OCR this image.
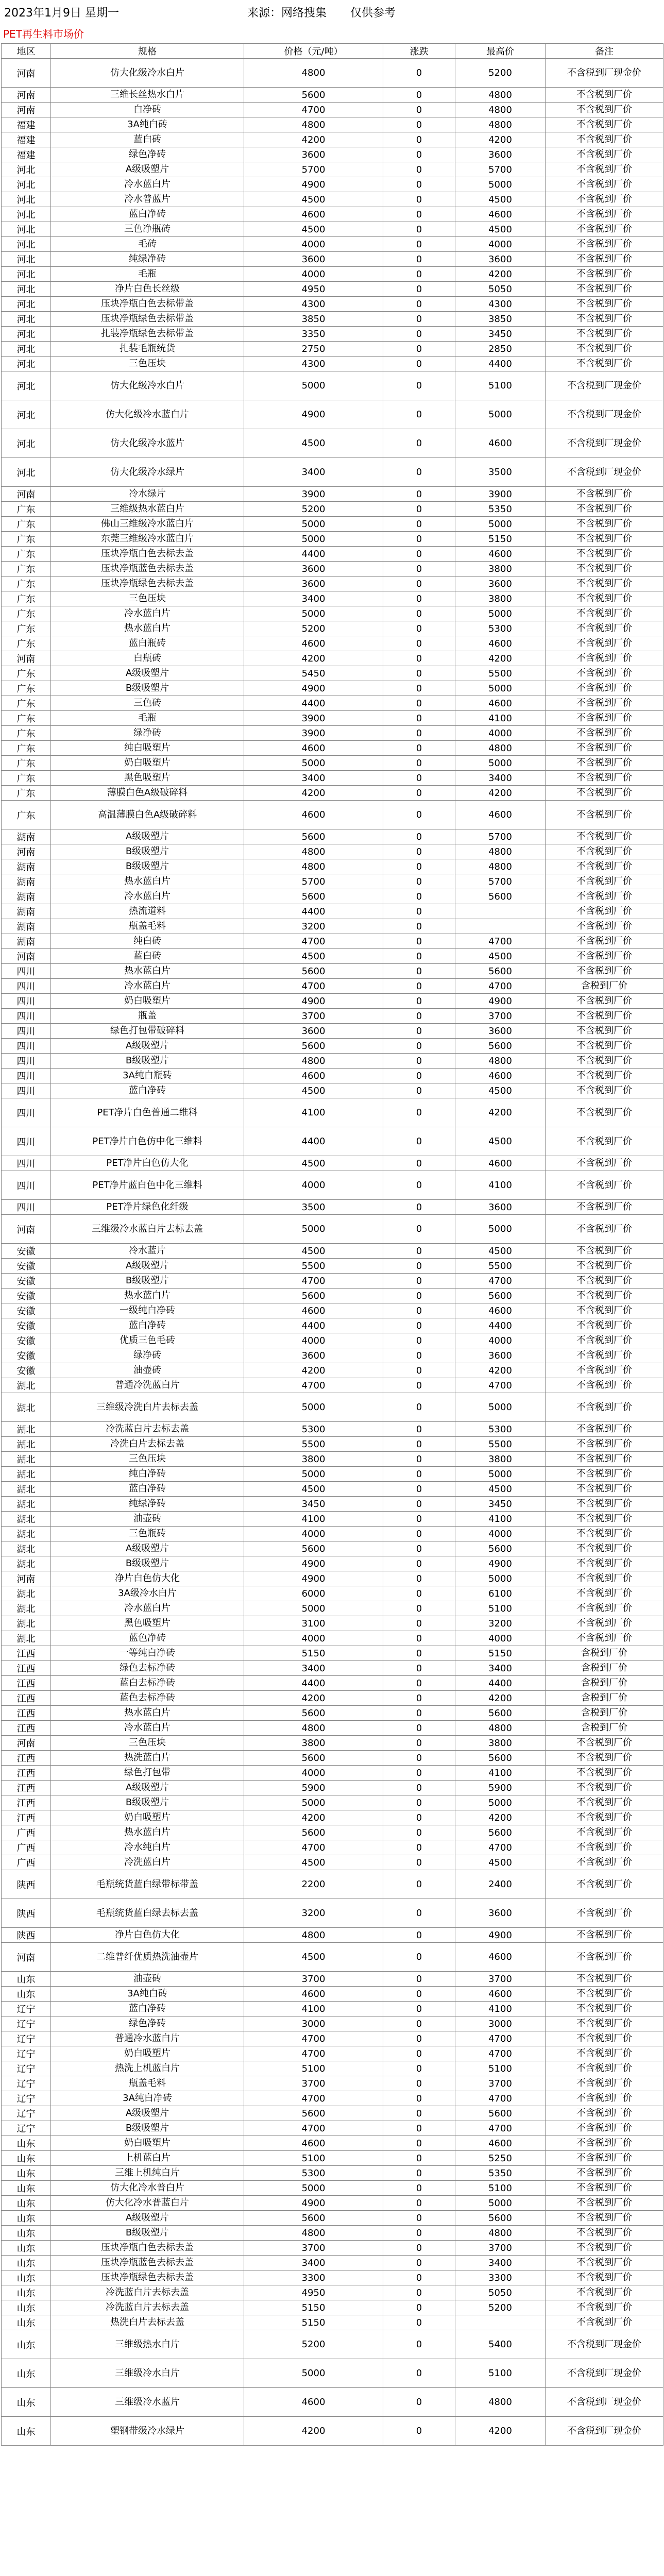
2023年1月9日 星期一	来源：网络搜集 仅供参考
PET再生料市场价
地区	规格	价格（元/吨）	涨跌	最高价	备注
河南	仿大化级冷水白片	4800	0	5200	不含税到厂现金价
河南	三维长丝热水白片	5600	0	4800	不含税到厂价
河南	白净砖	4700	0	4800	不含税到厂价
福建	3A纯白砖	4800	0	4800	不含税到厂价
福建	蓝白砖	4200	0	4200	不含税到厂价
福建	绿色净砖	3600	0	3600	不含税到厂价
河北	A级吸塑片	5700	0	5700	不含税到厂价
河北	冷水蓝白片	4900	0	5000	不含税到厂价
河北	冷水普蓝片	4500	0	4500	不含税到厂价
河北	蓝白净砖	4600	0	4600	不含税到厂价
河北	三色净瓶砖	4500	0	4500	不含税到厂价
河北	毛砖	4000	0	4000	不含税到厂价
河北	纯绿净砖	3600	0	3600	不含税到厂价
河北	毛瓶	4000	0	4200	不含税到厂价
河北	净片白色长丝级	4950	0	5050	不含税到厂价
河北	压块净瓶白色去标带盖	4300	0	4300	不含税到厂价
河北	压块净瓶绿色去标带盖	3850	0	3850	不含税到厂价
河北	扎装净瓶绿色去标带盖	3350	0	3450	不含税到厂价
河北	扎装毛瓶统货	2750	0	2850	不含税到厂价
河北	三色压块	4300	0	4400	不含税到厂价
河北	仿大化级冷水白片	5000	0	5100	不含税到厂现金价
河北	仿大化级冷水蓝白片	4900	0	5000	不含税到厂现金价
河北	仿大化级冷水蓝片	4500	0	4600	不含税到厂现金价
河北	仿大化级冷水绿片	3400	0	3500	不含税到厂现金价
河南	冷水绿片	3900	0	3900	不含税到厂价
广东	三维级热水蓝白片	5200	0	5350	不含税到厂价
广东	佛山三维级冷水蓝白片	5000	0	5000	不含税到厂价
广东	东莞三维级冷水蓝白片	5000	0	5150	不含税到厂价
广东	压块净瓶白色去标去盖	4400	0	4600	不含税到厂价
广东	压块净瓶蓝色去标去盖	3600	0	3800	不含税到厂价
广东	压块净瓶绿色去标去盖	3600	0	3600	不含税到厂价
广东	三色压块	3400	0	3800	不含税到厂价
广东	冷水蓝白片	5000	0	5000	不含税到厂价
广东	热水蓝白片	5200	0	5300	不含税到厂价
广东	蓝白瓶砖	4600	0	4600	不含税到厂价
河南	白瓶砖	4200	0	4200	不含税到厂价
广东	A级吸塑片	5450	0	5500	不含税到厂价
广东	B级吸塑片	4900	0	5000	不含税到厂价
广东	三色砖	4400	0	4600	不含税到厂价
广东	毛瓶	3900	0	4100	不含税到厂价
广东	绿净砖	3900	0	4000	不含税到厂价
广东	纯白吸塑片	4600	0	4800	不含税到厂价
广东	奶白吸塑片	5000	0	5000	不含税到厂价
广东	黑色吸塑片	3400	0	3400	不含税到厂价
广东	薄膜白色A级破碎料	4200	0	4200	不含税到厂价
广东	高温薄膜白色A级破碎料	4600	0	4600	不含税到厂价
湖南	A级吸塑片	5600	0	5700	不含税到厂价
河南	B级吸塑片	4800	0	4800	不含税到厂价
湖南	B级吸塑片	4800	0	4800	不含税到厂价
湖南	热水蓝白片	5700	0	5700	不含税到厂价
湖南	冷水蓝白片	5600	0	5600	不含税到厂价
湖南	热流道料	4400	0		不含税到厂价
湖南	瓶盖毛料	3200	0		不含税到厂价
湖南	纯白砖	4700	0	4700	不含税到厂价
河南	蓝白砖	4500	0	4500	不含税到厂价
四川	热水蓝白片	5600	0	5600	不含税到厂价
四川	冷水蓝白片	4700	0	4700	含税到厂价
四川	奶白吸塑片	4900	0	4900	不含税到厂价
四川	瓶盖	3700	0	3700	不含税到厂价
四川	绿色打包带破碎料	3600	0	3600	不含税到厂价
四川	A级吸塑片	5600	0	5600	不含税到厂价
四川	B级吸塑片	4800	0	4800	不含税到厂价
四川	3A纯白瓶砖	4600	0	4600	不含税到厂价
四川	蓝白净砖	4500	0	4500	不含税到厂价
四川	PET净片白色普通二维料	4100	0	4200	不含税到厂价
四川	PET净片白色仿中化三维料	4400	0	4500	不含税到厂价
四川	PET净片白色仿大化	4500	0	4600	不含税到厂价
四川	PET净片蓝白色中化三维料	4000	0	4100	不含税到厂价
四川	PET净片绿色化纤级	3500	0	3600	不含税到厂价
河南	三维级冷水蓝白片去标去盖	5000	0	5000	不含税到厂价
安徽	冷水蓝片	4500	0	4500	不含税到厂价
安徽	A级吸塑片	5500	0	5500	不含税到厂价
安徽	B级吸塑片	4700	0	4700	不含税到厂价
安徽	热水蓝白片	5600	0	5600	不含税到厂价
安徽	一级纯白净砖	4600	0	4600	不含税到厂价
安徽	蓝白净砖	4400	0	4400	不含税到厂价
安徽	优质三色毛砖	4000	0	4000	不含税到厂价
安徽	绿净砖	3600	0	3600	不含税到厂价
安徽	油壶砖	4200	0	4200	不含税到厂价
湖北	普通冷洗蓝白片	4700	0	4700	不含税到厂价
湖北	三维级冷洗白片去标去盖	5000	0	5000	不含税到厂价
湖北	冷洗蓝白片去标去盖	5300	0	5300	不含税到厂价
湖北	冷洗白片去标去盖	5500	0	5500	不含税到厂价
湖北	三色压块	3800	0	3800	不含税到厂价
湖北	纯白净砖	5000	0	5000	不含税到厂价
湖北	蓝白净砖	4500	0	4500	不含税到厂价
湖北	纯绿净砖	3450	0	3450	不含税到厂价
湖北	油壶砖	4100	0	4100	不含税到厂价
湖北	三色瓶砖	4000	0	4000	不含税到厂价
湖北	A级吸塑片	5600	0	5600	不含税到厂价
湖北	B级吸塑片	4900	0	4900	不含税到厂价
河南	净片白色仿大化	4900	0	5000	不含税到厂价
湖北	3A级冷水白片	6000	0	6100	不含税到厂价
湖北	冷水蓝白片	5000	0	5100	不含税到厂价
湖北	黑色吸塑片	3100	0	3200	不含税到厂价
湖北	蓝色净砖	4000	0	4000	不含税到厂价
江西	一等纯白净砖	5150	0	5150	含税到厂价
江西	绿色去标净砖	3400	0	3400	含税到厂价
江西	蓝白去标净砖	4400	0	4400	含税到厂价
江西	蓝色去标净砖	4200	0	4200	含税到厂价
江西	热水蓝白片	5600	0	5600	含税到厂价
江西	冷水蓝白片	4800	0	4800	含税到厂价
河南	三色压块	3800	0	3800	不含税到厂价
江西	热洗蓝白片	5600	0	5600	不含税到厂价
江西	绿色打包带	4000	0	4100	不含税到厂价
江西	A级吸塑片	5900	0	5900	不含税到厂价
江西	B级吸塑片	5000	0	5000	不含税到厂价
江西	奶白吸塑片	4200	0	4200	不含税到厂价
广西	热水蓝白片	5600	0	5600	不含税到厂价
广西	冷水纯白片	4700	0	4700	不含税到厂价
广西	冷洗蓝白片	4500	0	4500	不含税到厂价
陕西	毛瓶统货蓝白绿带标带盖	2200	0	2400	不含税到厂价
陕西	毛瓶统货蓝白绿去标去盖	3200	0	3600	不含税到厂价
陕西	净片白色仿大化	4800	0	4900	不含税到厂价
河南	二维普纤优质热洗油壶片	4500	0	4600	不含税到厂价
山东	油壶砖	3700	0	3700	不含税到厂价
山东	3A纯白砖	4600	0	4600	不含税到厂价
辽宁	蓝白净砖	4100	0	4100	不含税到厂价
辽宁	绿色净砖	3000	0	3000	不含税到厂价
辽宁	普通冷水蓝白片	4700	0	4700	不含税到厂价
辽宁	奶白吸塑片	4700	0	4700	不含税到厂价
辽宁	热洗上机蓝白片	5100	0	5100	不含税到厂价
辽宁	瓶盖毛料	3700	0	3700	不含税到厂价
辽宁	3A纯白净砖	4700	0	4700	不含税到厂价
辽宁	A级吸塑片	5600	0	5600	不含税到厂价
辽宁	B级吸塑片	4700	0	4700	不含税到厂价
山东	奶白吸塑片	4600	0	4600	不含税到厂价
山东	上机蓝白片	5100	0	5250	不含税到厂价
山东	三维上机纯白片	5300	0	5350	不含税到厂价
山东	仿大化冷水普白片	5000	0	5100	不含税到厂价
山东	仿大化冷水普蓝白片	4900	0	5000	不含税到厂价
山东	A级吸塑片	5600	0	5600	不含税到厂价
山东	B级吸塑片	4800	0	4800	不含税到厂价
山东	压块净瓶白色去标去盖	3700	0	3700	不含税到厂价
山东	压块净瓶蓝色去标去盖	3400	0	3400	不含税到厂价
山东	压块净瓶绿色去标去盖	3300	0	3300	不含税到厂价
山东	冷洗蓝白片去标去盖	4950	0	5050	不含税到厂价
山东	冷洗蓝白片去标去盖	5150	0	5200	不含税到厂价
山东	热洗白片去标去盖	5150	0		不含税到厂价
山东	三维级热水白片	5200	0	5400	不含税到厂现金价
山东	三维级冷水白片	5000	0	5100	不含税到厂现金价
山东	三维级冷水蓝片	4600	0	4800	不含税到厂现金价
山东	塑钢带级冷水绿片	4200	0	4200	不含税到厂现金价
